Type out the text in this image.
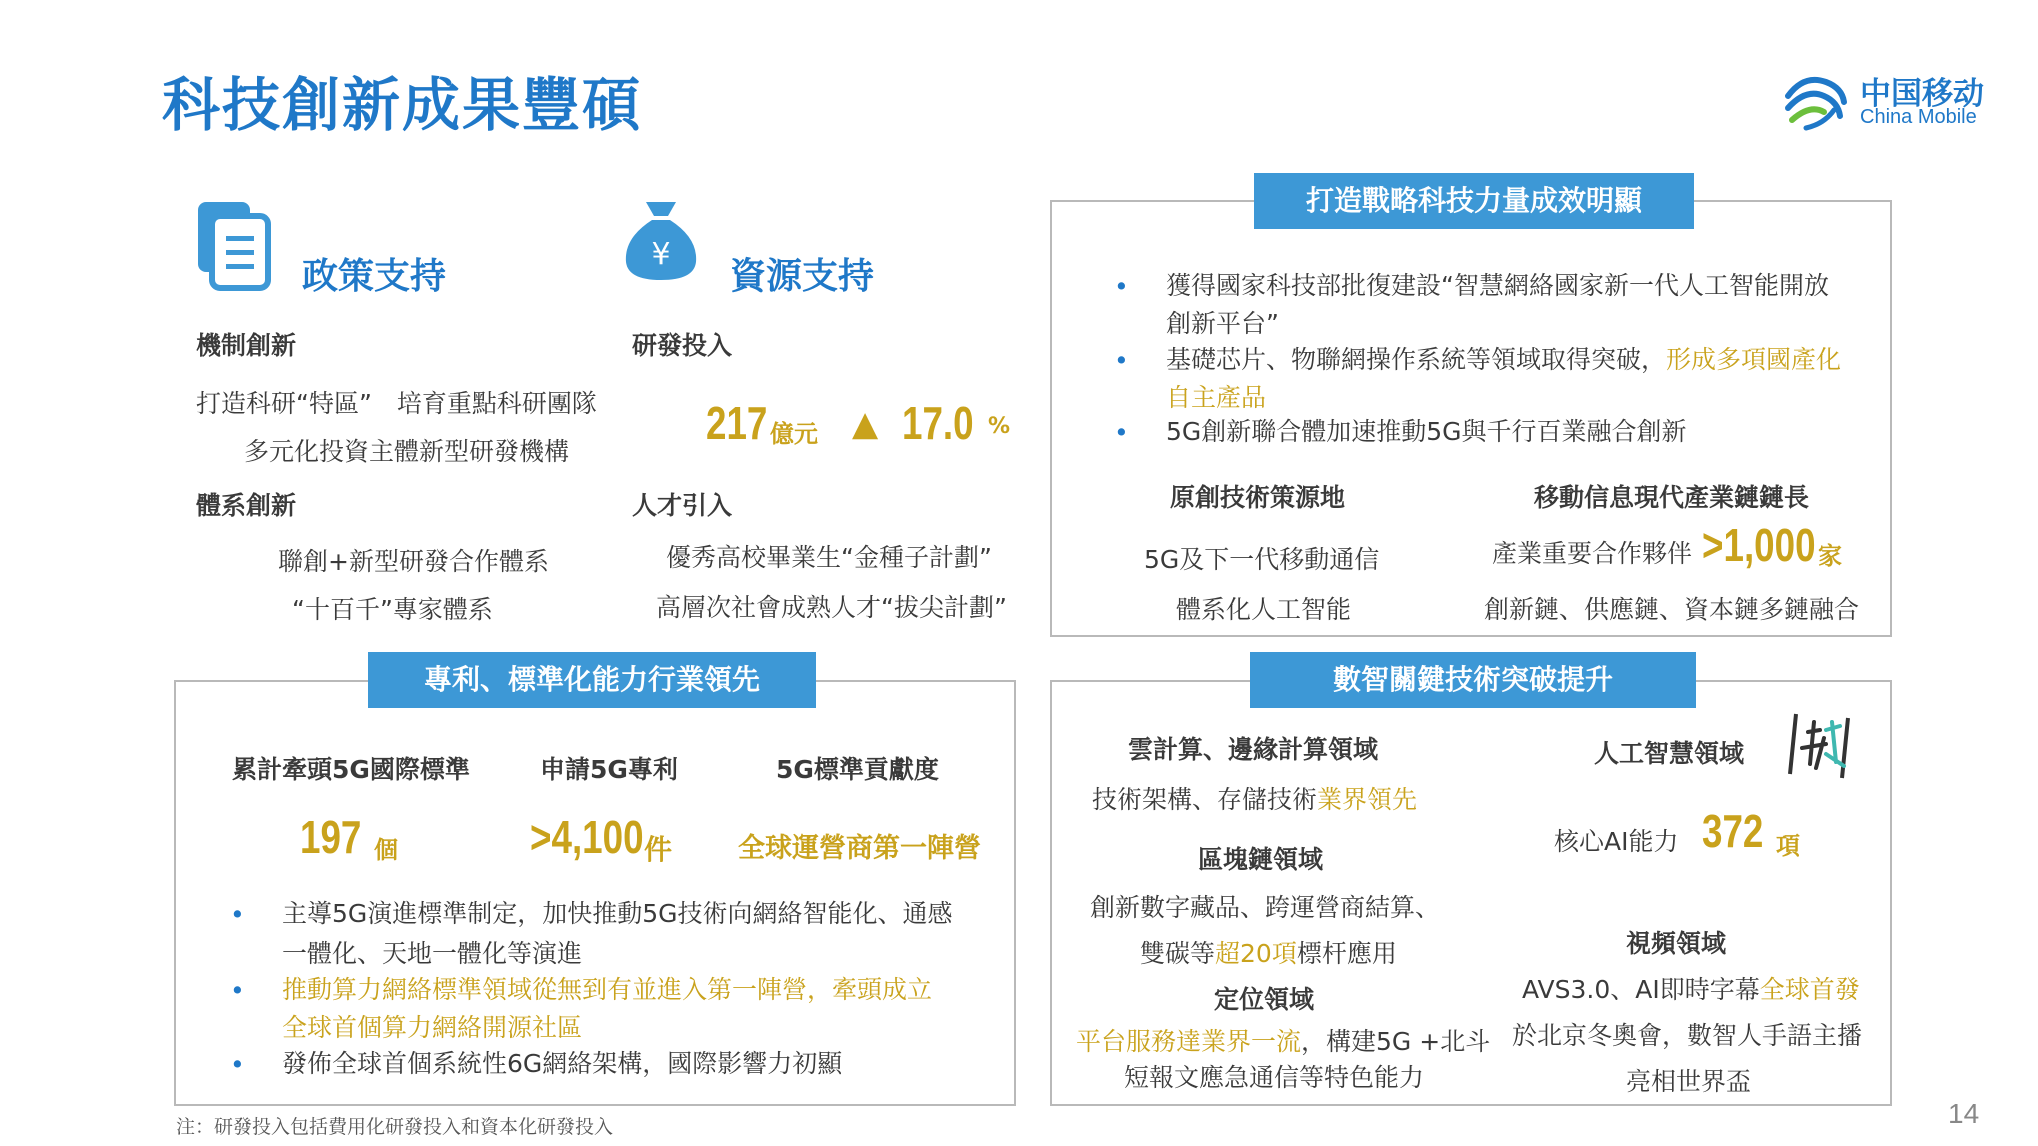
科技創新成果豐碩	中国移动
China Mobile
政策支持
機制創新
打造科研“特區”　培育重點科研團隊
多元化投資主體新型研發機構
體系創新
聯創+新型研發合作體系
“十百千”專家體系
¥
資源支持
研發投入
217 億元 ▲ 17.0 %
人才引入
優秀高校畢業生“金種子計劃”
高層次社會成熟人才“拔尖計劃”
打造戰略科技力量成效明顯
• 獲得國家科技部批復建設“智慧網絡國家新一代人工智能開放
創新平台”
• 基礎芯片、物聯網操作系統等領域取得突破，形成多項國產化
自主產品
• 5G創新聯合體加速推動5G與千行百業融合創新
原創技術策源地
5G及下一代移動通信
體系化人工智能
移動信息現代產業鏈鏈長
產業重要合作夥伴 >1,000 家
創新鏈、供應鏈、資本鏈多鏈融合
專利、標準化能力行業領先
累計牽頭5G國際標準
197 個
申請5G專利
>4,100 件
5G標準貢獻度
全球運營商第一陣營
• 主導5G演進標準制定，加快推動5G技術向網絡智能化、通感
一體化、天地一體化等演進
• 推動算力網絡標準領域從無到有並進入第一陣營，牽頭成立
全球首個算力網絡開源社區
• 發佈全球首個系統性6G網絡架構，國際影響力初顯
數智關鍵技術突破提升
雲計算、邊緣計算領域
技術架構、存儲技術業界領先
區塊鏈領域
創新數字藏品、跨運營商結算、
雙碳等超20項標杆應用
定位領域
平台服務達業界一流，構建5G +北斗
短報文應急通信等特色能力
人工智慧領域
核心AI能力 372 項
視頻領域
AVS3.0、AI即時字幕全球首發
於北京冬奧會，數智人手語主播
亮相世界盃
注：研發投入包括費用化研發投入和資本化研發投入	14
